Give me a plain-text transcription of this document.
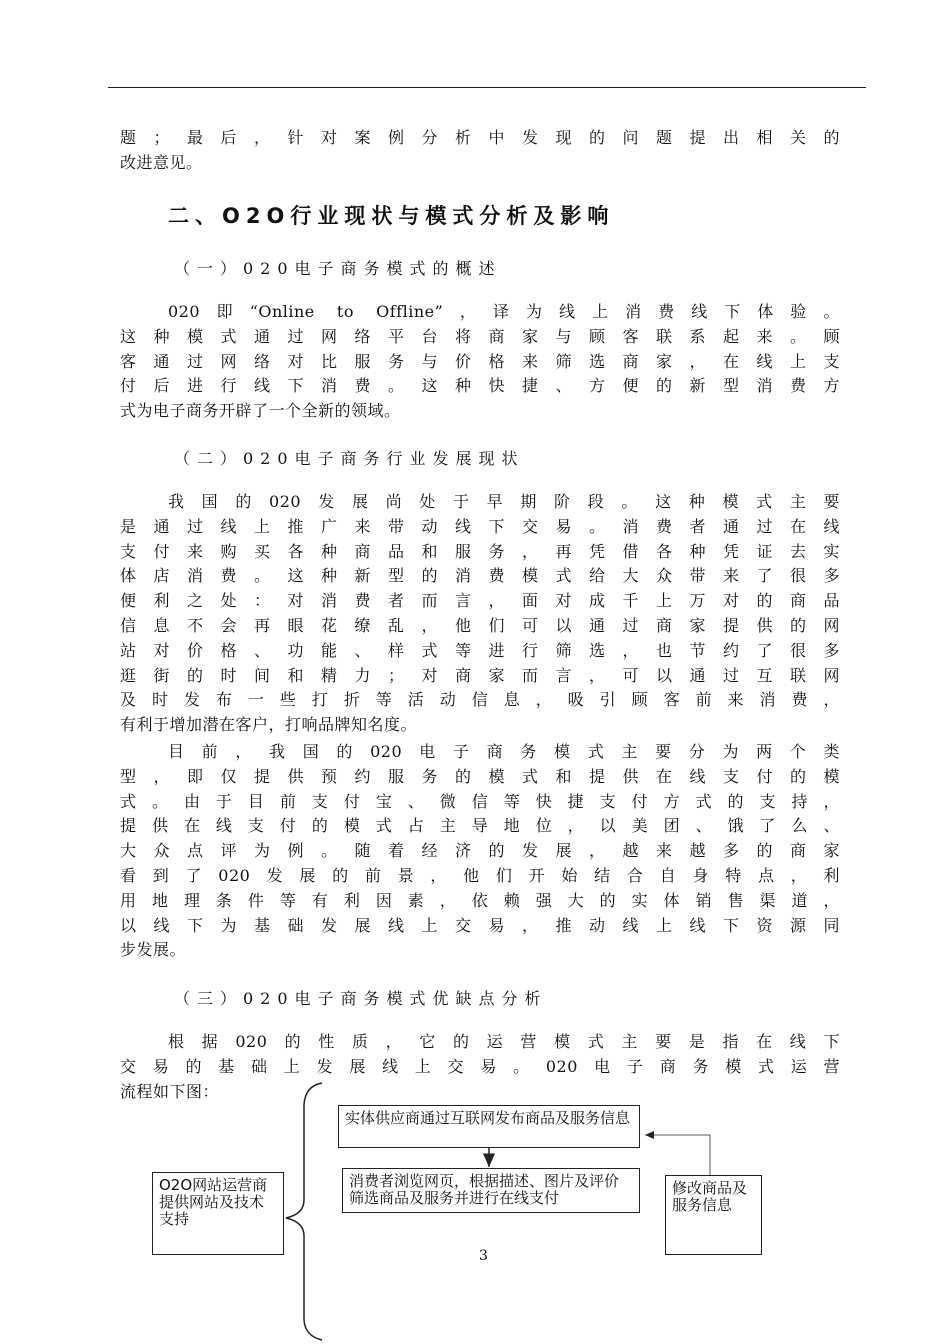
题；最后，针对案例分析中发现的问题提出相关的
改进意见。
二、O2O行业现状与模式分析及影响
（一）020电子商务模式的概述
020即“Online to Offline”，译为线上消费线下体验。
这种模式通过网络平台将商家与顾客联系起来。顾
客通过网络对比服务与价格来筛选商家，在线上支
付后进行线下消费。这种快捷、方便的新型消费方
式为电子商务开辟了一个全新的领域。
（二）020电子商务行业发展现状
我国的020发展尚处于早期阶段。这种模式主要
是通过线上推广来带动线下交易。消费者通过在线
支付来购买各种商品和服务，再凭借各种凭证去实
体店消费。这种新型的消费模式给大众带来了很多
便利之处：对消费者而言，面对成千上万对的商品
信息不会再眼花缭乱，他们可以通过商家提供的网
站对价格、功能、样式等进行筛选，也节约了很多
逛街的时间和精力；对商家而言，可以通过互联网
及时发布一些打折等活动信息，吸引顾客前来消费，
有利于增加潜在客户，打响品牌知名度。
目前，我国的020电子商务模式主要分为两个类
型，即仅提供预约服务的模式和提供在线支付的模
式。由于目前支付宝、微信等快捷支付方式的支持，
提供在线支付的模式占主导地位，以美团、饿了么、
大众点评为例。随着经济的发展，越来越多的商家
看到了020发展的前景，他们开始结合自身特点，利
用地理条件等有利因素，依赖强大的实体销售渠道，
以线下为基础发展线上交易，推动线上线下资源同
步发展。
（三）020电子商务模式优缺点分析
根据020的性质，它的运营模式主要是指在线下
交易的基础上发展线上交易。020电子商务模式运营
流程如下图：
实体供应商通过互联网发布商品及服务信息
消费者浏览网页，根据描述、图片及评价筛选商品及服务并进行在线支付
O2O网站运营商提供网站及技术支持
修改商品及服务信息
3
